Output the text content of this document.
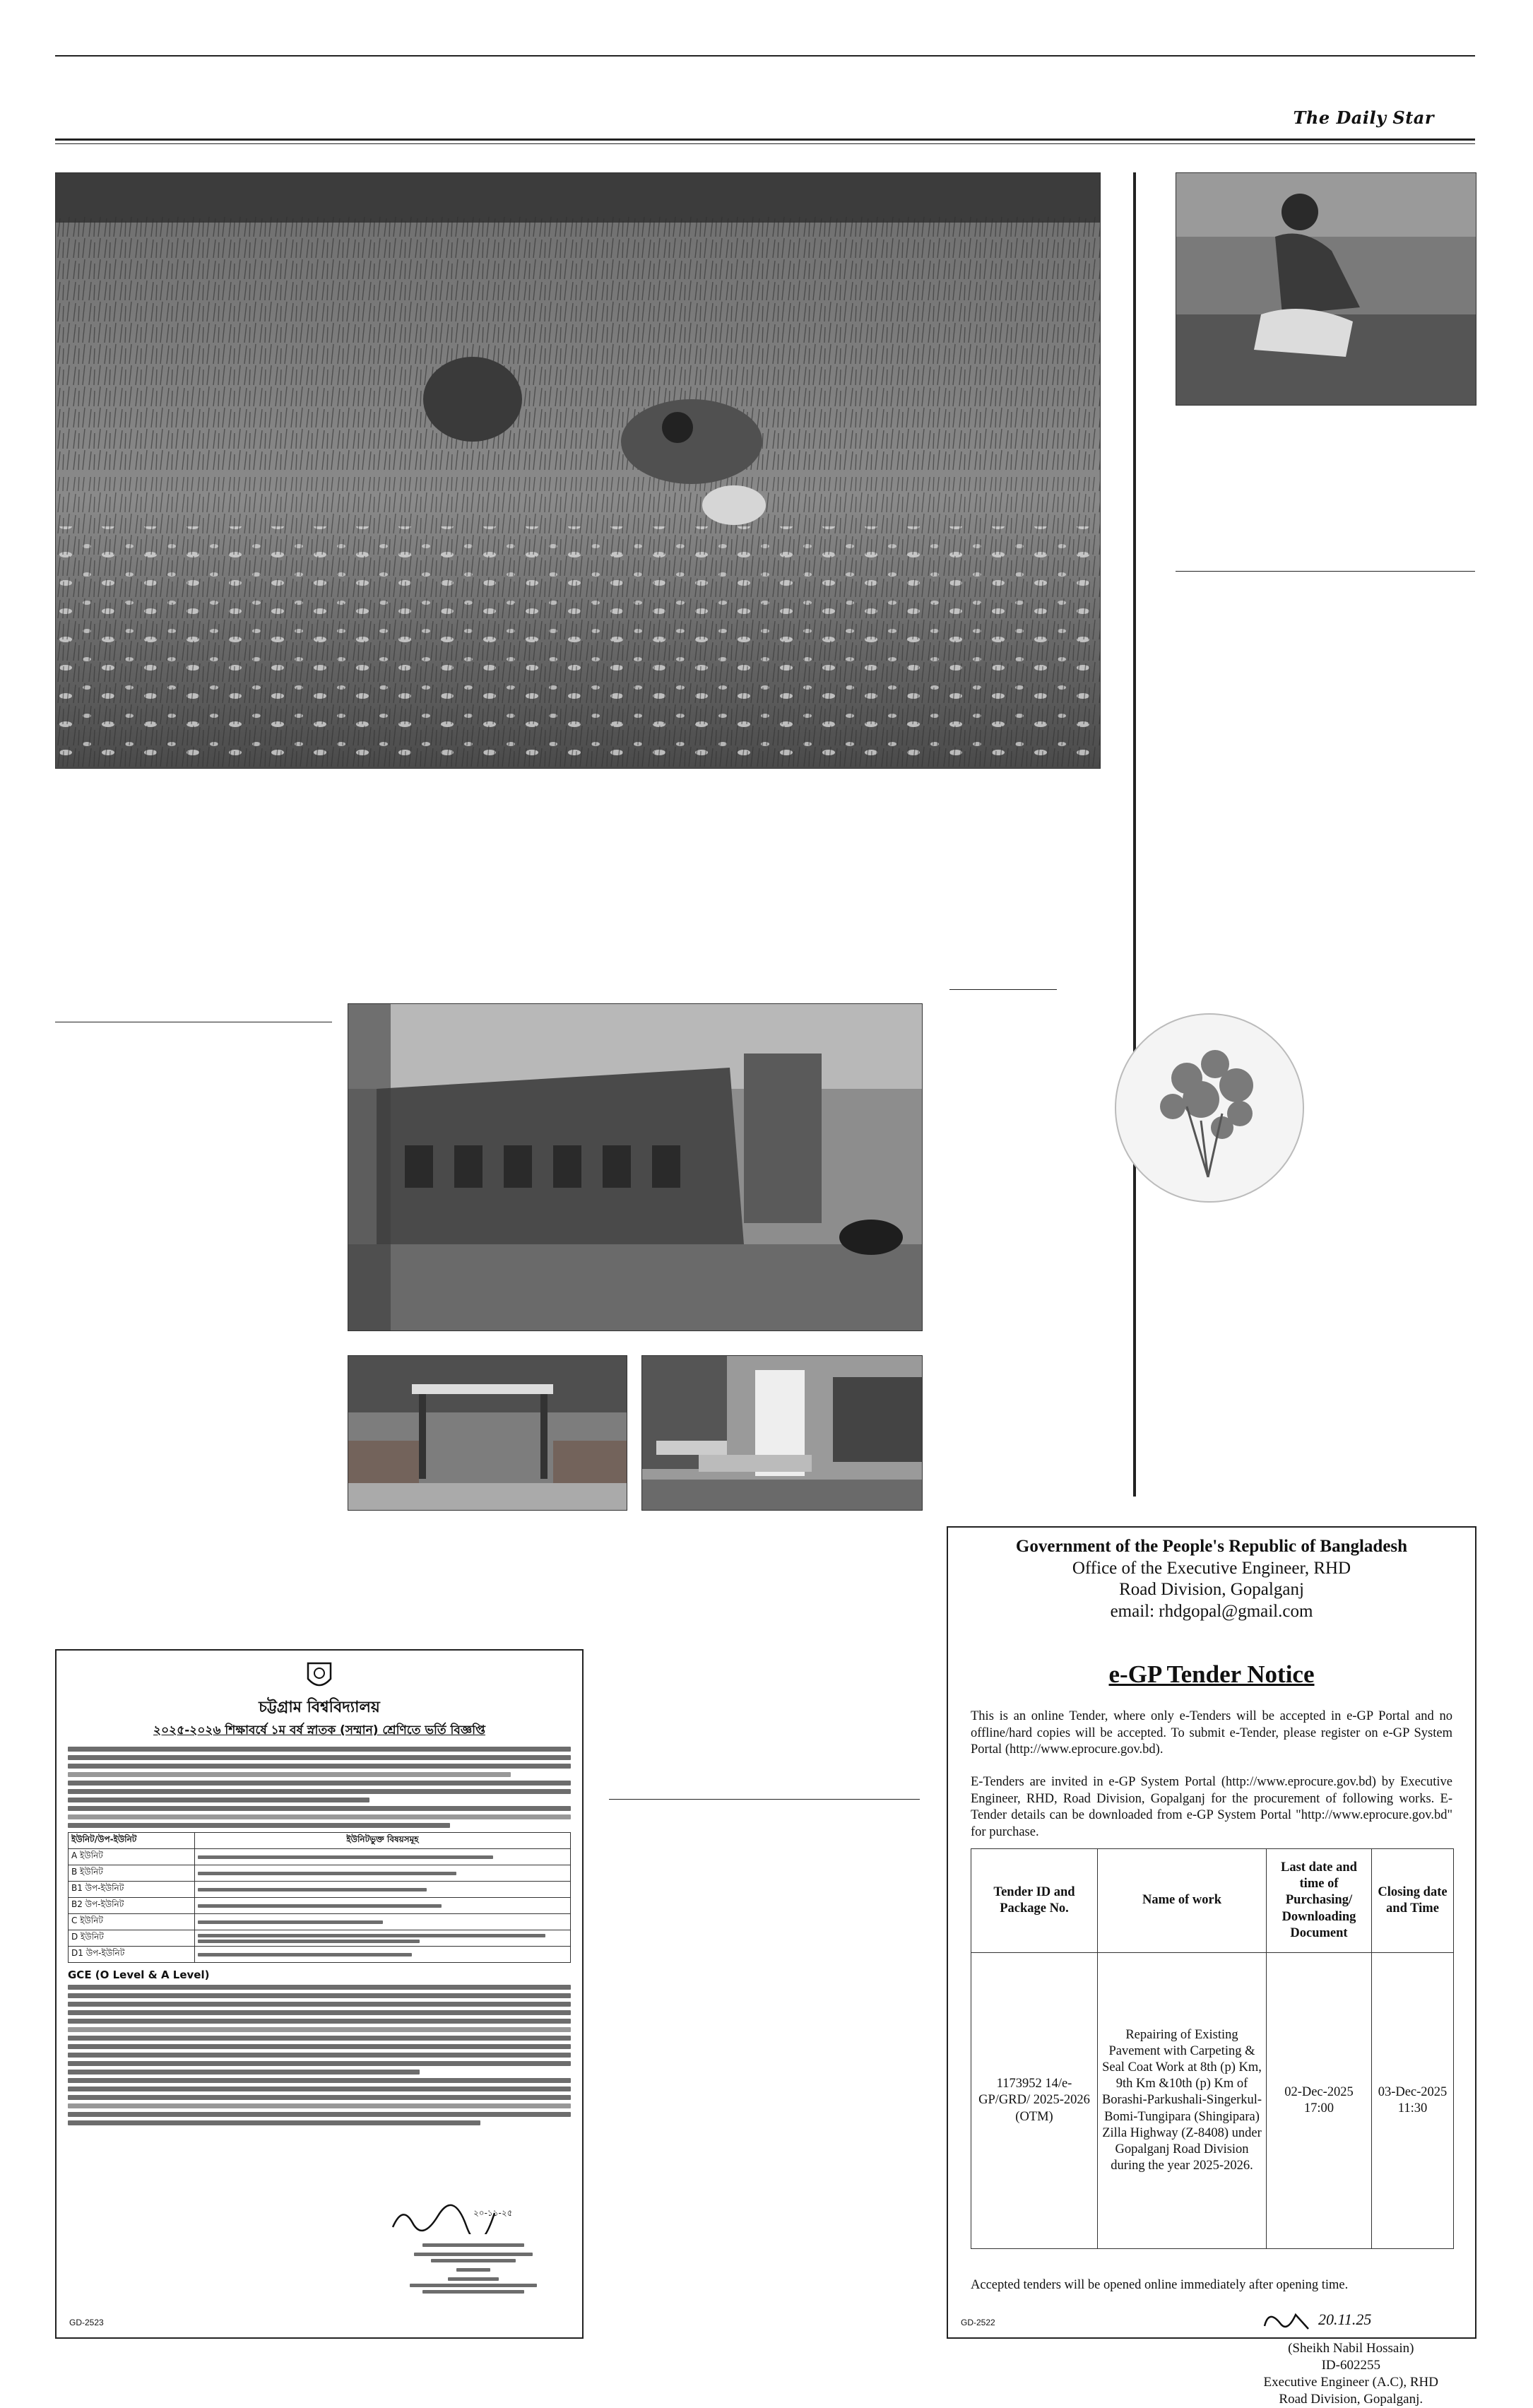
The Daily Star
চট্টগ্রাম বিশ্ববিদ্যালয়
২০২৫-২০২৬ শিক্ষাবর্ষে ১ম বর্ষ স্নাতক (সম্মান) শ্রেণিতে ভর্তি বিজ্ঞপ্তি
ইউনিট/উপ-ইউনিট	ইউনিটভুক্ত বিষয়সমূহ
A ইউনিট	

B ইউনিট	

B1 উপ-ইউনিট	

B2 উপ-ইউনিট	

C ইউনিট	

D ইউনিট	

D1 উপ-ইউনিট	
GCE (O Level & A Level)
২০-১১-২৫
GD-2523
Government of the People's Republic of Bangladesh
Office of the Executive Engineer, RHD
Road Division, Gopalganj
email: rhdgopal@gmail.com
e-GP Tender Notice
This is an online Tender, where only e-Tenders will be accepted in e-GP Portal and no offline/hard copies will be accepted. To submit e-Tender, please register on e-GP System Portal (http://www.eprocure.gov.bd).
E-Tenders are invited in e-GP System Portal (http://www.eprocure.gov.bd) by Executive Engineer, RHD, Road Division, Gopalganj for the procurement of following works. E-Tender details can be downloaded from e-GP System Portal "http://www.eprocure.gov.bd" for purchase.
Tender ID and Package No.	Name of work	Last date and time of Purchasing/ Downloading Document	Closing date and Time
1173952 14/e-GP/GRD/ 2025-2026 (OTM)	Repairing of Existing Pavement with Carpeting & Seal Coat Work at 8th (p) Km, 9th Km &10th (p) Km of Borashi-Parkushali-Singerkul-Bomi-Tungipara (Shingipara) Zilla Highway (Z-8408) under Gopalganj Road Division during the year 2025-2026.	02-Dec-2025 17:00	03-Dec-2025 11:30
Accepted tenders will be opened online immediately after opening time.
20.11.25
(Sheikh Nabil Hossain)
ID-602255
Executive Engineer (A.C), RHD
Road Division, Gopalganj.
GD-2522
